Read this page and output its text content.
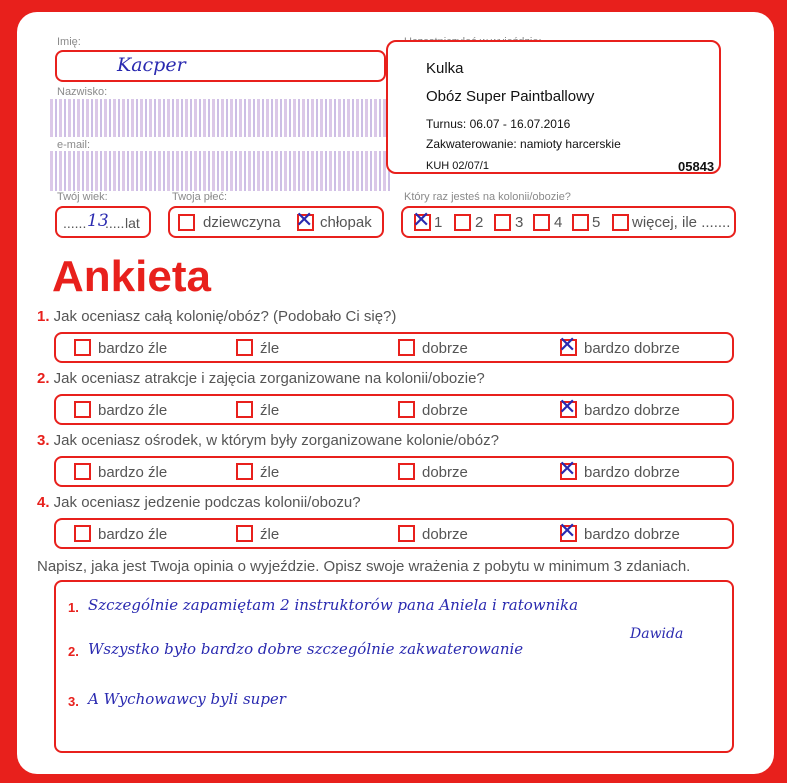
Imię:
Kacper
Nazwisko:
e-mail:
Twój wiek:
...... 13
..... lat
Twoja płeć:
dziewczyna ✕ chłopak
Kulka
Obóz Super Paintballowy
Turnus: 06.07 - 16.07.2016
Zakwaterowanie: namioty harcerskie
KUH 02/07/1	05843
Który raz jesteś na kolonii/obozie?
✕ 1 2 3 4 5 więcej, ile .......
Ankieta
1. Jak oceniasz całą kolonię/obóz? (Podobało Ci się?)
bardzo źle	źle	dobrze	✕ bardzo dobrze
2. Jak oceniasz atrakcje i zajęcia zorganizowane na kolonii/obozie?
bardzo źle	źle	dobrze	✕ bardzo dobrze
3. Jak oceniasz ośrodek, w którym były zorganizowane kolonie/obóz?
bardzo źle	źle	dobrze	✕ bardzo dobrze
4. Jak oceniasz jedzenie podczas kolonii/obozu?
bardzo źle	źle	dobrze	✕ bardzo dobrze
Napisz, jaka jest Twoja opinia o wyjeździe. Opisz swoje wrażenia z pobytu w minimum 3 zdaniach.
1. Szczególnie zapamiętam 2 instruktorów pana Aniela i ratownika
2. Wszystko było bardzo dobre szczególnie zakwaterowanie
Dawida
3. A Wychowawcy byli super
